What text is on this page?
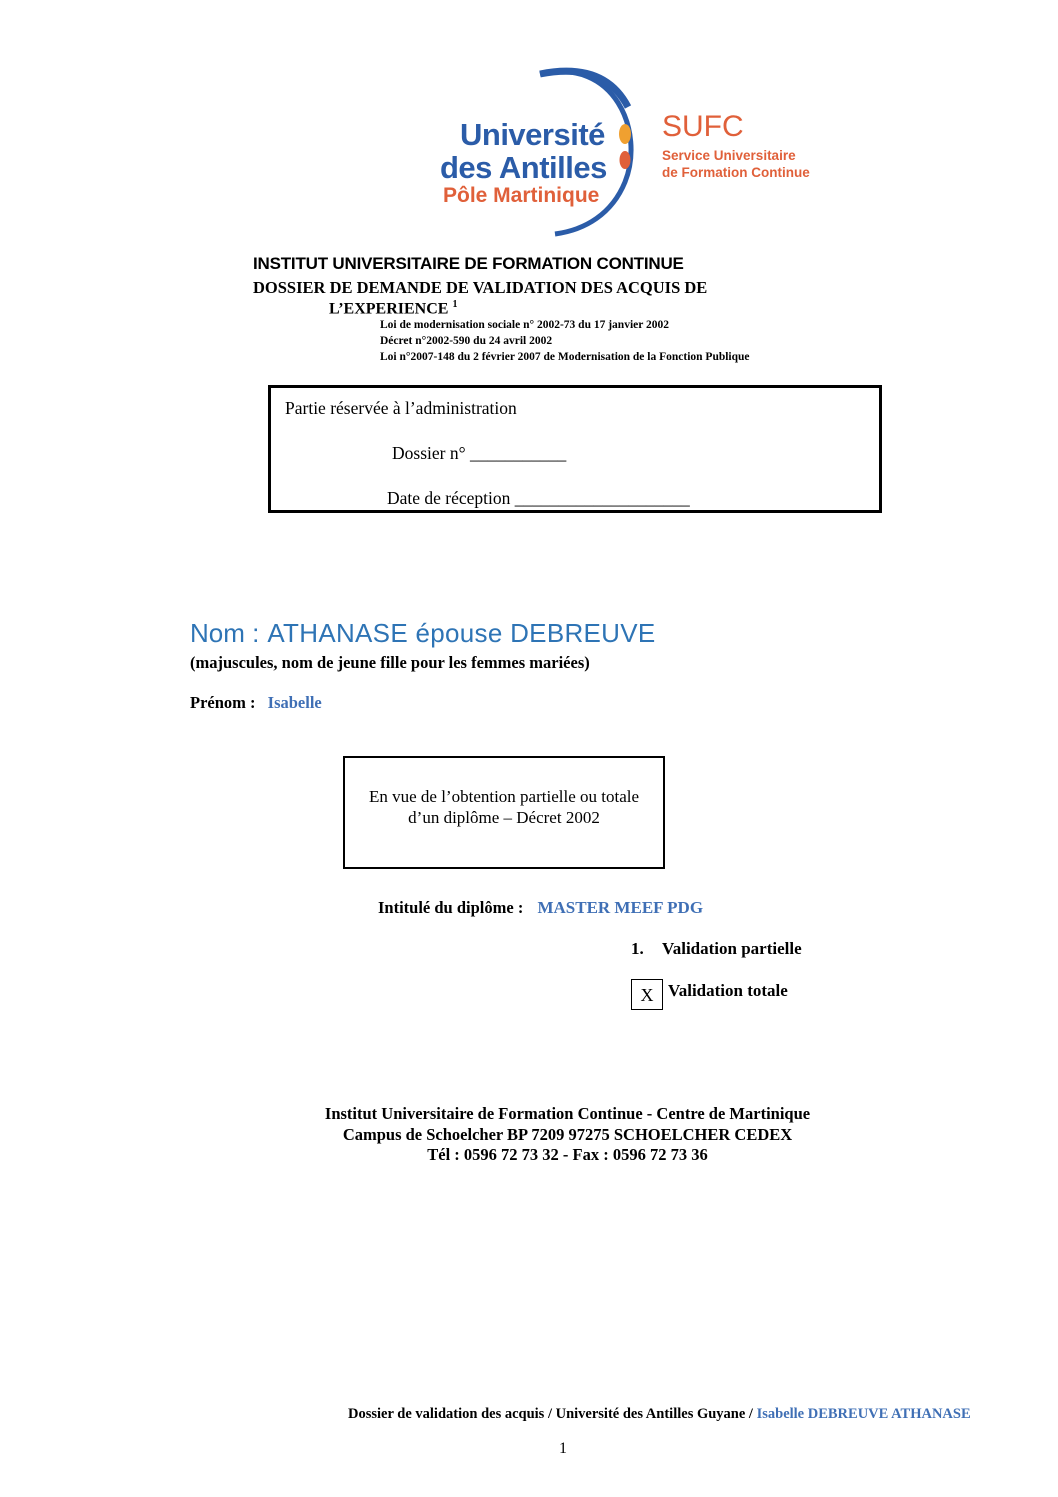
Université
des Antilles
Pôle Martinique
SUFC
Service Universitaire
de Formation Continue
INSTITUT UNIVERSITAIRE DE FORMATION CONTINUE
DOSSIER DE DEMANDE DE VALIDATION DES ACQUIS DE
L’EXPERIENCE $^1$
Loi de modernisation sociale n° 2002-73 du 17 janvier 2002
Décret n°2002-590 du 24 avril 2002
Loi n°2007-148 du 2 février 2007 de Modernisation de la Fonction Publique
Partie réservée à l’administration
Dossier n° ___________
Date de réception ____________________
Nom : ATHANASE épouse DEBREUVE
(majuscules, nom de jeune fille pour les femmes mariées)
Prénom : Isabelle
En vue de l’obtention partielle ou totale
d’un diplôme – Décret 2002
Intitulé du diplôme : MASTER MEEF PDG
1. Validation partielle
X Validation totale
Institut Universitaire de Formation Continue - Centre de Martinique
Campus de Schoelcher BP 7209 97275 SCHOELCHER CEDEX
Tél : 0596 72 73 32 - Fax : 0596 72 73 36
Dossier de validation des acquis / Université des Antilles Guyane / Isabelle DEBREUVE ATHANASE
1
